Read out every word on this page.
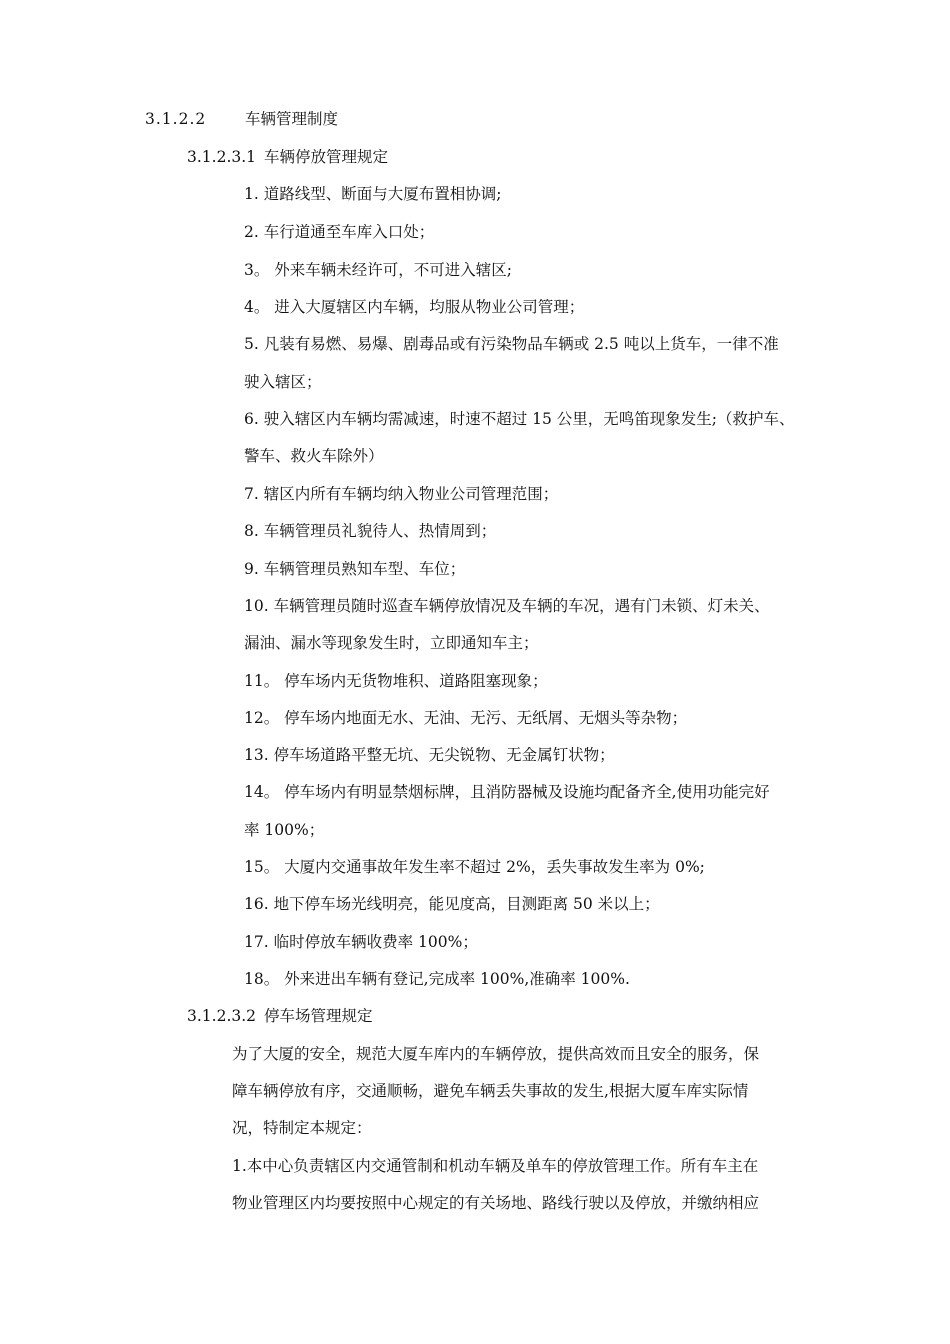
3.1.2.2	车辆管理制度
3.1.2.3.1 车辆停放管理规定
1. 道路线型、断面与大厦布置相协调;
2. 车行道通至车库入口处；
3。 外来车辆未经许可，不可进入辖区;
4。 进入大厦辖区内车辆，均服从物业公司管理；
5. 凡装有易燃、易爆、剧毒品或有污染物品车辆或 2.5 吨以上货车，一律不准
驶入辖区；
6. 驶入辖区内车辆均需减速，时速不超过 15 公里，无鸣笛现象发生;（救护车、
警车、救火车除外）
7. 辖区内所有车辆均纳入物业公司管理范围；
8. 车辆管理员礼貌待人、热情周到；
9. 车辆管理员熟知车型、车位；
10. 车辆管理员随时巡查车辆停放情况及车辆的车况，遇有门未锁、灯未关、
漏油、漏水等现象发生时，立即通知车主；
11。 停车场内无货物堆积、道路阻塞现象；
12。 停车场内地面无水、无油、无污、无纸屑、无烟头等杂物；
13. 停车场道路平整无坑、无尖锐物、无金属钉状物；
14。 停车场内有明显禁烟标牌，且消防器械及设施均配备齐全,使用功能完好
率 100%；
15。 大厦内交通事故年发生率不超过 2%，丢失事故发生率为 0%;
16. 地下停车场光线明亮，能见度高，目测距离 50 米以上；
17. 临时停放车辆收费率 100%；
18。 外来进出车辆有登记,完成率 100%,准确率 100%.
3.1.2.3.2 停车场管理规定
为了大厦的安全，规范大厦车库内的车辆停放，提供高效而且安全的服务，保
障车辆停放有序，交通顺畅，避免车辆丢失事故的发生,根据大厦车库实际情
况，特制定本规定：
1.本中心负责辖区内交通管制和机动车辆及单车的停放管理工作。所有车主在
物业管理区内均要按照中心规定的有关场地、路线行驶以及停放，并缴纳相应
